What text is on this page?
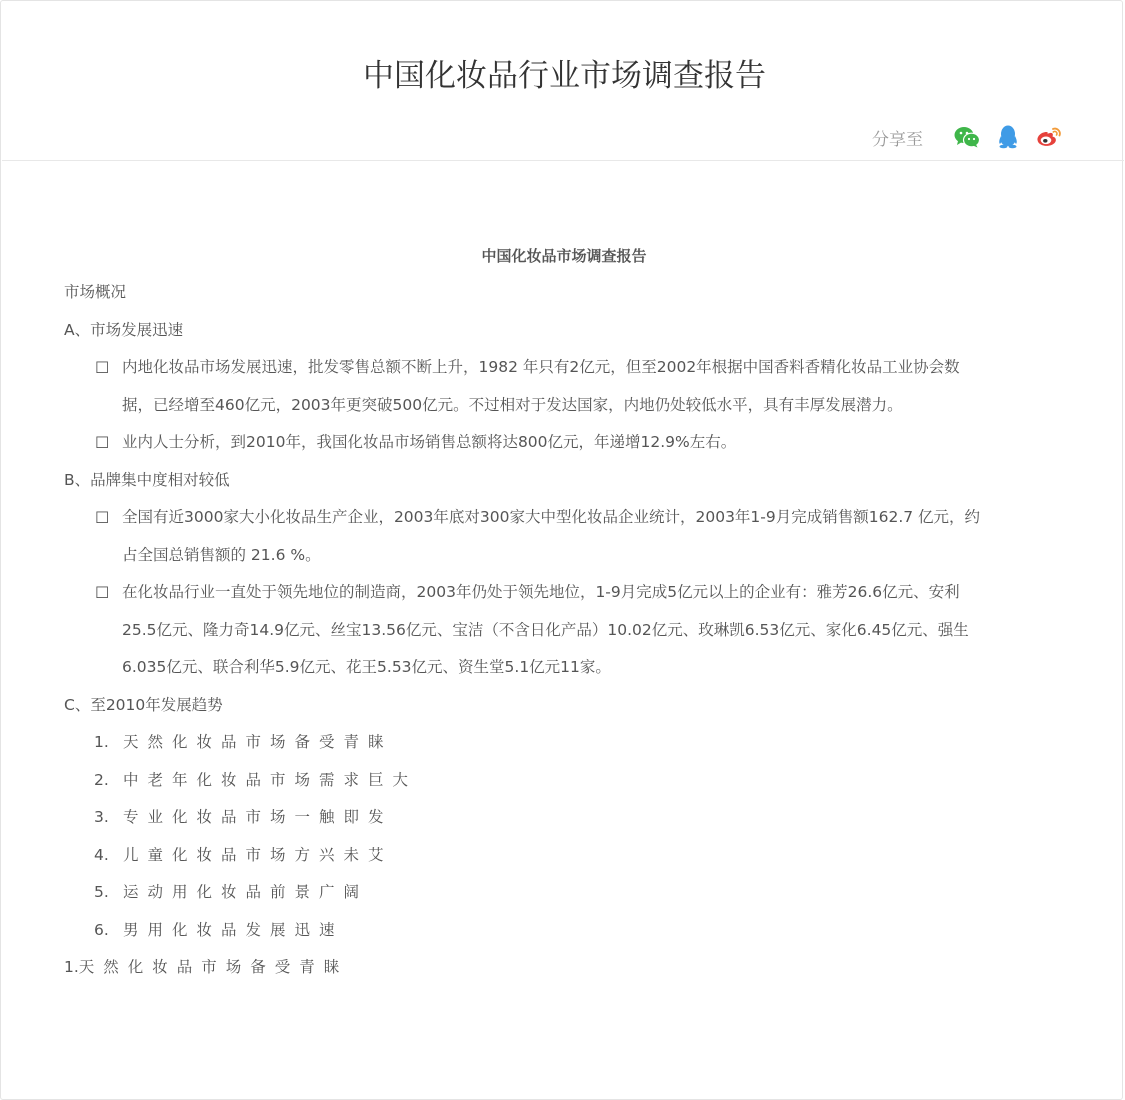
中国化妆品行业市场调查报告
分享至
中国化妆品市场调查报告
市场概况
A、市场发展迅速
☐ 内地化妆品市场发展迅速，批发零售总额不断上升，1982 年只有2亿元，但至2002年根据中国香料香精化妆品工业协会数
据，已经增至460亿元，2003年更突破500亿元。不过相对于发达国家，内地仍处较低水平，具有丰厚发展潜力。
☐ 业内人士分析，到2010年，我国化妆品市场销售总额将达800亿元，年递增12.9%左右。
B、品牌集中度相对较低
☐ 全国有近3000家大小化妆品生产企业，2003年底对300家大中型化妆品企业统计，2003年1-9月完成销售额162.7 亿元，约
占全国总销售额的 21.6 %。
☐ 在化妆品行业一直处于领先地位的制造商，2003年仍处于领先地位，1-9月完成5亿元以上的企业有：雅芳26.6亿元、安利
25.5亿元、隆力奇14.9亿元、丝宝13.56亿元、宝洁（不含日化产品）10.02亿元、玫琳凯6.53亿元、家化6.45亿元、强生
6.035亿元、联合利华5.9亿元、花王5.53亿元、资生堂5.1亿元11家。
C、至2010年发展趋势
1. 天然化妆品市场备受青睐
2. 中老年化妆品市场需求巨大
3. 专业化妆品市场一触即发
4. 儿童化妆品市场方兴未艾
5. 运动用化妆品前景广阔
6. 男用化妆品发展迅速
1.天然化妆品市场备受青睐
